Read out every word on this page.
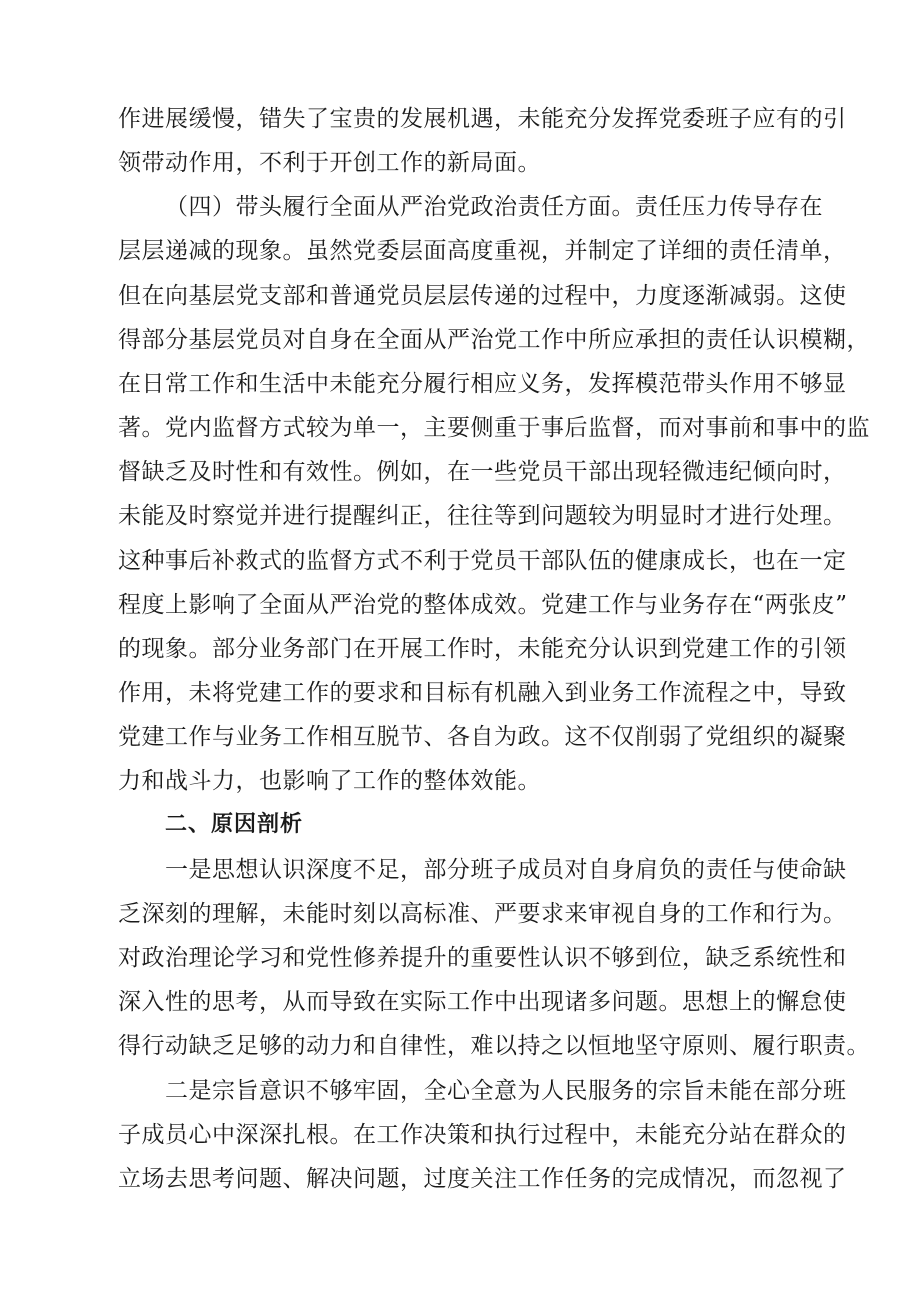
作进展缓慢，错失了宝贵的发展机遇，未能充分发挥党委班子应有的引
领带动作用，不利于开创工作的新局面。
（四）带头履行全面从严治党政治责任方面。责任压力传导存在
层层递减的现象。虽然党委层面高度重视，并制定了详细的责任清单，
但在向基层党支部和普通党员层层传递的过程中，力度逐渐减弱。这使
得部分基层党员对自身在全面从严治党工作中所应承担的责任认识模糊，
在日常工作和生活中未能充分履行相应义务，发挥模范带头作用不够显
著。党内监督方式较为单一，主要侧重于事后监督，而对事前和事中的监
督缺乏及时性和有效性。例如，在一些党员干部出现轻微违纪倾向时，
未能及时察觉并进行提醒纠正，往往等到问题较为明显时才进行处理。
这种事后补救式的监督方式不利于党员干部队伍的健康成长，也在一定
程度上影响了全面从严治党的整体成效。党建工作与业务存在“两张皮”
的现象。部分业务部门在开展工作时，未能充分认识到党建工作的引领
作用，未将党建工作的要求和目标有机融入到业务工作流程之中，导致
党建工作与业务工作相互脱节、各自为政。这不仅削弱了党组织的凝聚
力和战斗力，也影响了工作的整体效能。
二、原因剖析
一是思想认识深度不足，部分班子成员对自身肩负的责任与使命缺
乏深刻的理解，未能时刻以高标准、严要求来审视自身的工作和行为。
对政治理论学习和党性修养提升的重要性认识不够到位，缺乏系统性和
深入性的思考，从而导致在实际工作中出现诸多问题。思想上的懈怠使
得行动缺乏足够的动力和自律性，难以持之以恒地坚守原则、履行职责。
二是宗旨意识不够牢固，全心全意为人民服务的宗旨未能在部分班
子成员心中深深扎根。在工作决策和执行过程中，未能充分站在群众的
立场去思考问题、解决问题，过度关注工作任务的完成情况，而忽视了
